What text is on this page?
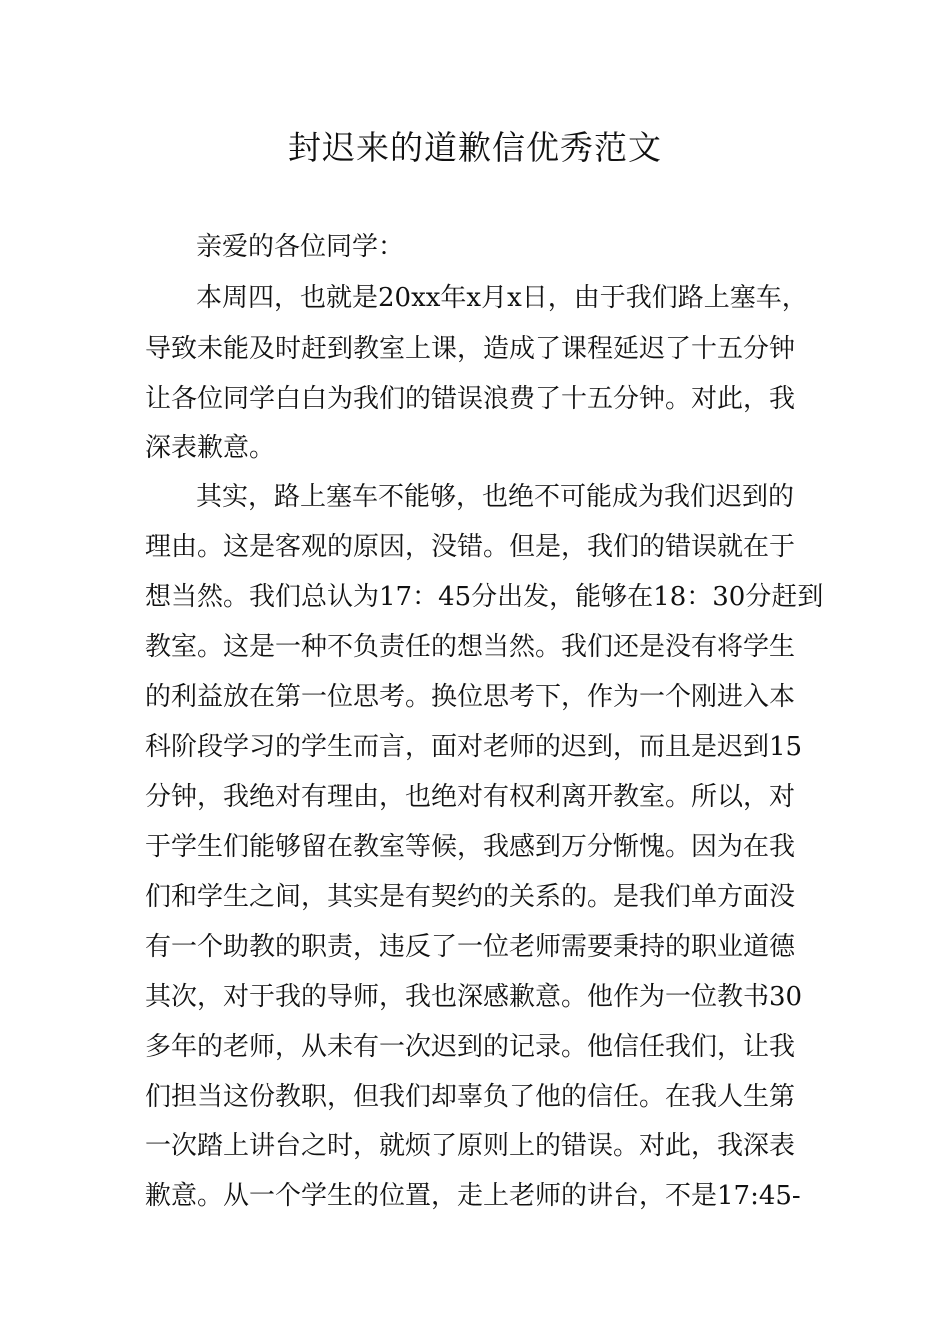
封迟来的道歉信优秀范文

亲爱的各位同学：

本周四，也就是20xx年x月x日，由于我们路上塞车，

导致未能及时赶到教室上课，造成了课程延迟了十五分钟

让各位同学白白为我们的错误浪费了十五分钟。对此，我

深表歉意。

其实，路上塞车不能够，也绝不可能成为我们迟到的

理由。这是客观的原因，没错。但是，我们的错误就在于

想当然。我们总认为17：45分出发，能够在18：30分赶到

教室。这是一种不负责任的想当然。我们还是没有将学生

的利益放在第一位思考。换位思考下，作为一个刚进入本

科阶段学习的学生而言，面对老师的迟到，而且是迟到15

分钟，我绝对有理由，也绝对有权利离开教室。所以，对

于学生们能够留在教室等候，我感到万分惭愧。因为在我

们和学生之间，其实是有契约的关系的。是我们单方面没

有一个助教的职责，违反了一位老师需要秉持的职业道德

其次，对于我的导师，我也深感歉意。他作为一位教书30

多年的老师，从未有一次迟到的记录。他信任我们，让我

们担当这份教职，但我们却辜负了他的信任。在我人生第

一次踏上讲台之时，就烦了原则上的错误。对此，我深表

歉意。从一个学生的位置，走上老师的讲台，不是17:45-
